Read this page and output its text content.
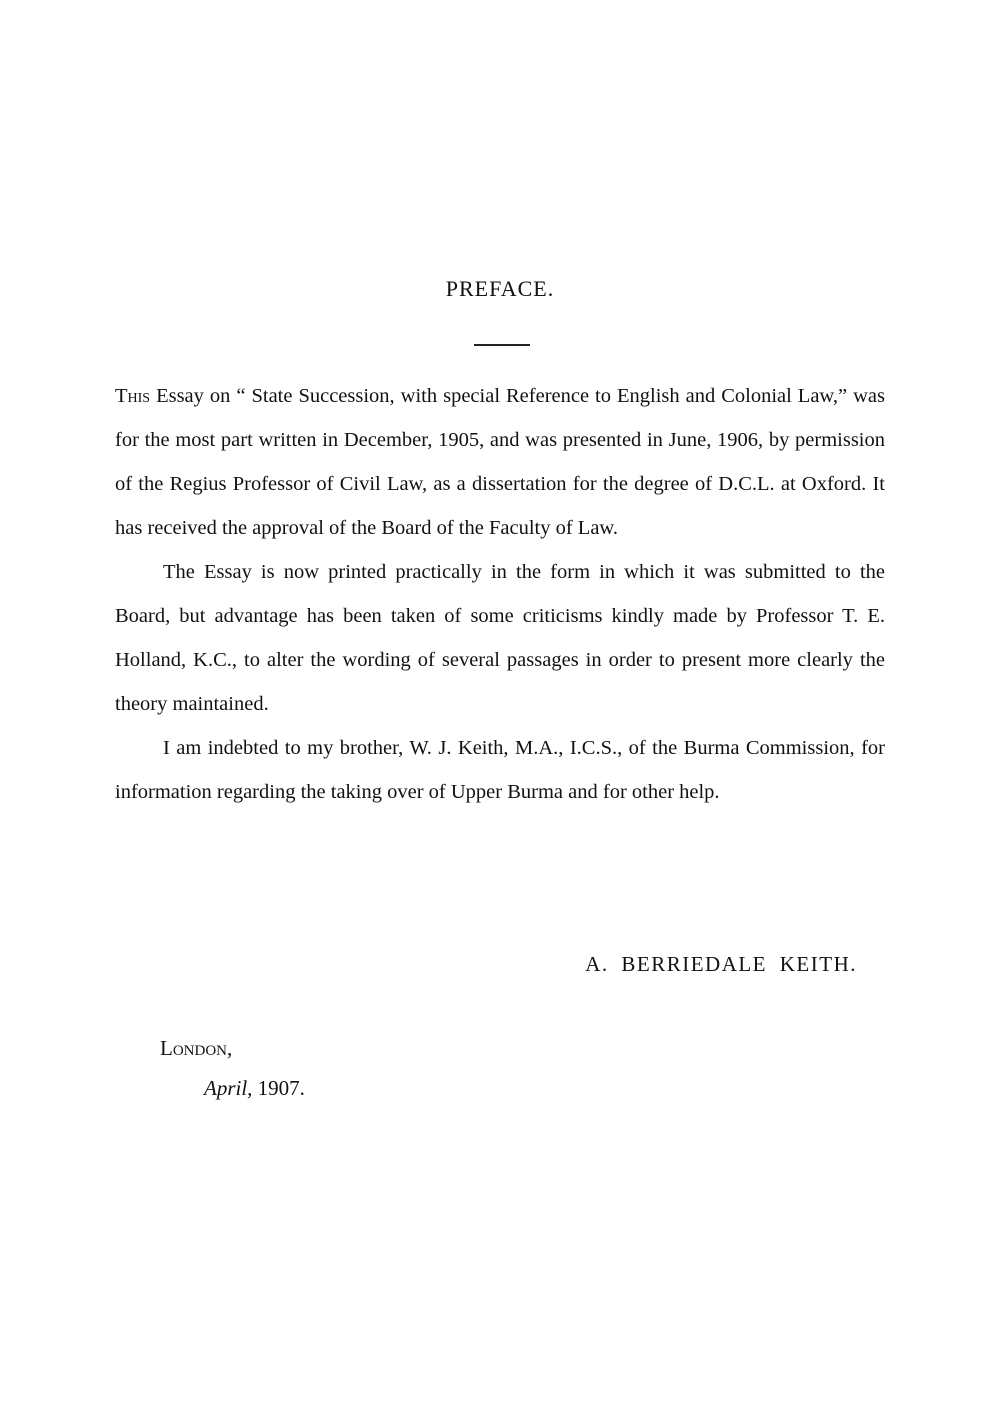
PREFACE.

This Essay on “ State Succession, with special Reference to English and Colonial Law,” was for the most part written in December, 1905, and was presented in June, 1906, by permission of the Regius Professor of Civil Law, as a dissertation for the degree of D.C.L. at Oxford. It has received the approval of the Board of the Faculty of Law.

The Essay is now printed practically in the form in which it was submitted to the Board, but advantage has been taken of some criticisms kindly made by Professor T. E. Holland, K.C., to alter the wording of several passages in order to present more clearly the theory maintained.

I am indebted to my brother, W. J. Keith, M.A., I.C.S., of the Burma Commission, for information regarding the taking over of Upper Burma and for other help.

A. BERRIEDALE KEITH.
London,
April, 1907.
